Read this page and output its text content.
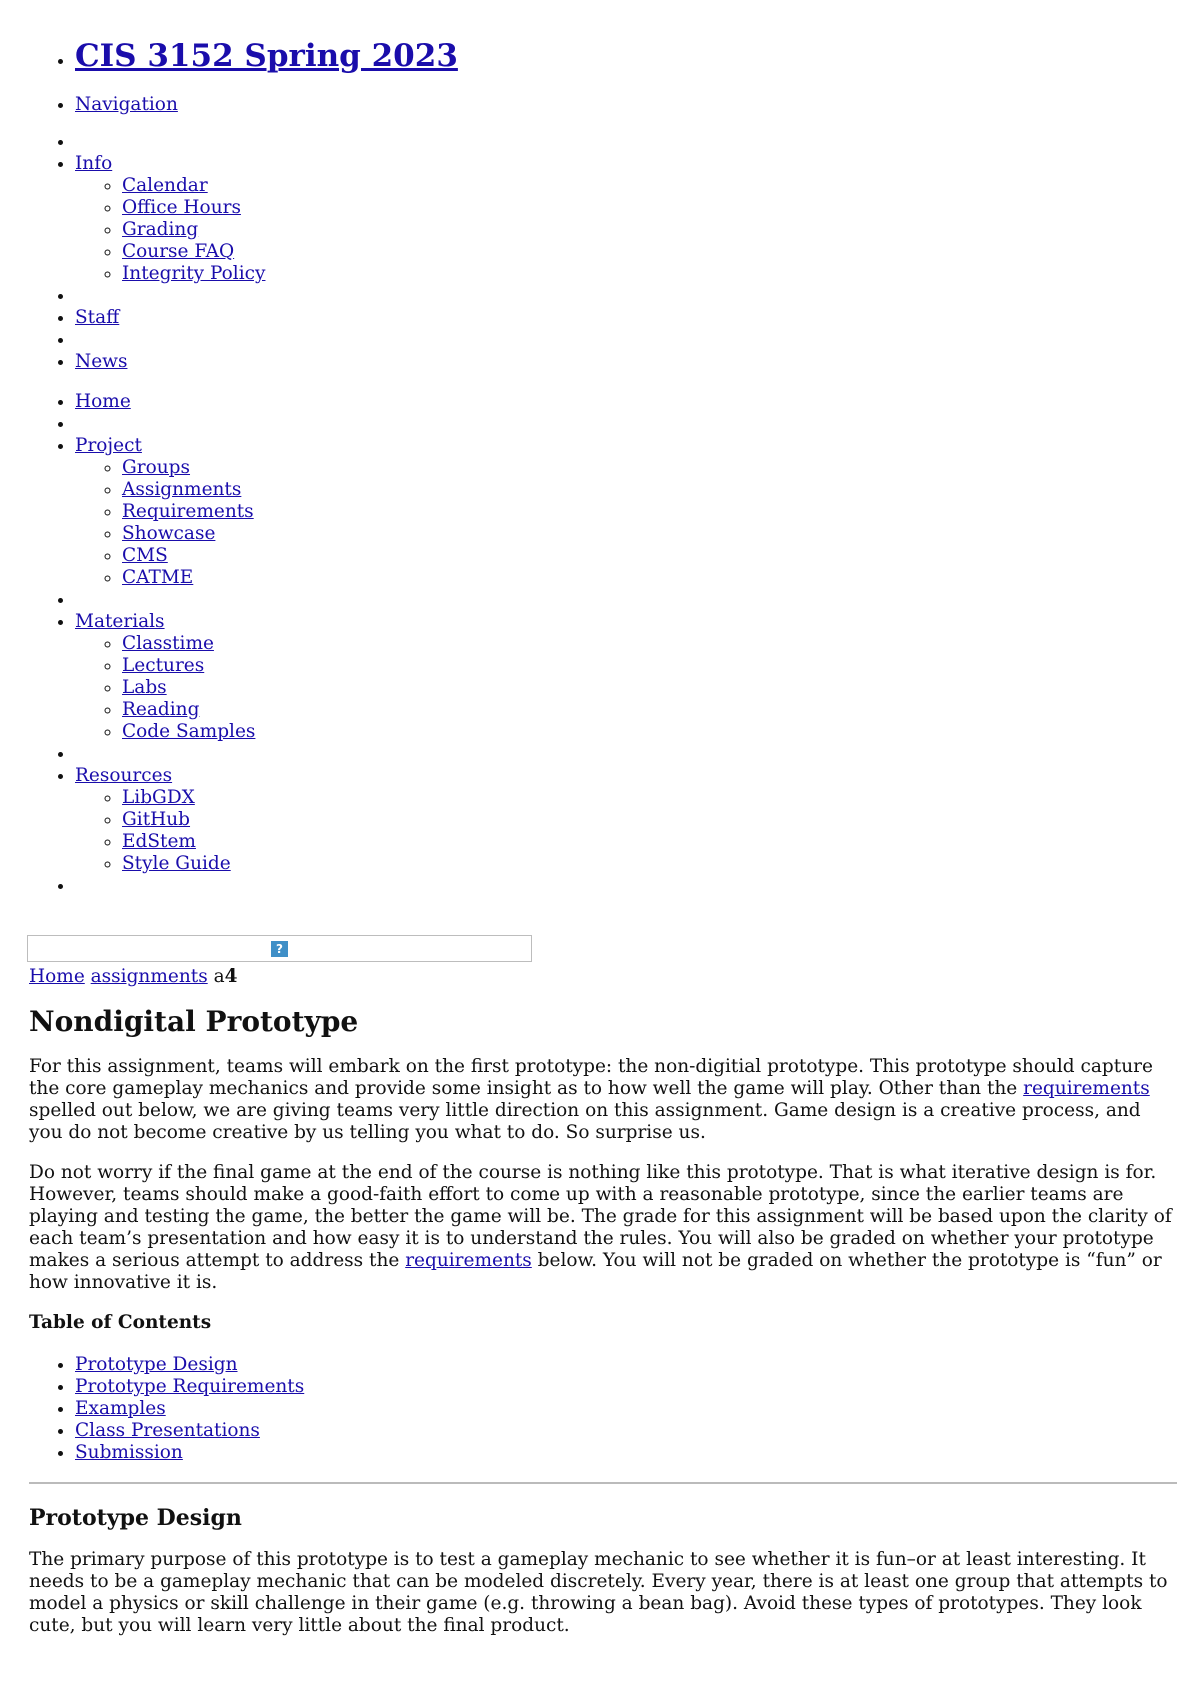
• CIS 3152 Spring 2023
• Navigation
•
• Info
◦ Calendar
◦ Office Hours
◦ Grading
◦ Course FAQ
◦ Integrity Policy
•
• Staff
•
• News
• Home
•
• Project
◦ Groups
◦ Assignments
◦ Requirements
◦ Showcase
◦ CMS
◦ CATME
•
• Materials
◦ Classtime
◦ Lectures
◦ Labs
◦ Reading
◦ Code Samples
•
• Resources
◦ LibGDX
◦ GitHub
◦ EdStem
◦ Style Guide
•
?
Home assignments a4
Nondigital Prototype

For this assignment, teams will embark on the first prototype: the non-digitial prototype. This prototype should capture the core gameplay mechanics and provide some insight as to how well the game will play. Other than the requirements spelled out below, we are giving teams very little direction on this assignment. Game design is a creative process, and you do not become creative by us telling you what to do. So surprise us.

Do not worry if the final game at the end of the course is nothing like this prototype. That is what iterative design is for. However, teams should make a good-faith effort to come up with a reasonable prototype, since the earlier teams are playing and testing the game, the better the game will be. The grade for this assignment will be based upon the clarity of each team’s presentation and how easy it is to understand the rules. You will also be graded on whether your prototype makes a serious attempt to address the requirements below. You will not be graded on whether the prototype is “fun” or how innovative it is.

Table of Contents
• Prototype Design
• Prototype Requirements
• Examples
• Class Presentations
• Submission
Prototype Design

The primary purpose of this prototype is to test a gameplay mechanic to see whether it is fun–or at least interesting. It needs to be a gameplay mechanic that can be modeled discretely. Every year, there is at least one group that attempts to model a physics or skill challenge in their game (e.g. throwing a bean bag). Avoid these types of prototypes. They look cute, but you will learn very little about the final product.
